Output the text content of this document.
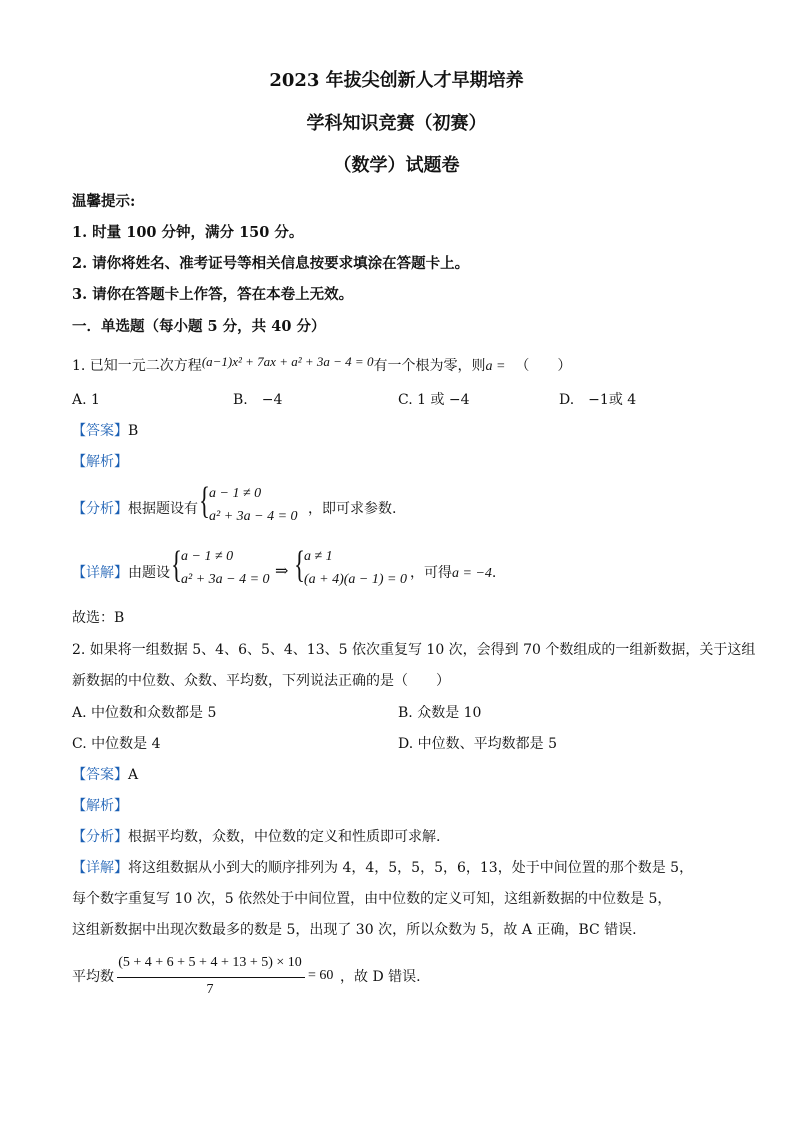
2023 年拔尖创新人才早期培养
学科知识竞赛（初赛）
（数学）试题卷
温馨提示:
1. 时量 100 分钟，满分 150 分。
2. 请你将姓名、准考证号等相关信息按要求填涂在答题卡上。
3. 请你在答题卡上作答，答在本卷上无效。
一．单选题（每小题 5 分，共 40 分）
1. 已知一元二次方程(a−1)x² + 7ax + a² + 3a − 4 = 0有一个根为零，则a = （　　）
A. 1	B.　−4	C. 1 或 −4	D.　−1或 4
【答案】B
【解析】
【分析】根据题设有 { a − 1 ≠ 0
a² + 3a − 4 = 0 ，即可求参数.
【详解】由题设 { a − 1 ≠ 0
a² + 3a − 4 = 0 ⇒ { a ≠ 1
(a + 4)(a − 1) = 0 ，可得a = −4.
故选：B
2. 如果将一组数据 5、4、6、5、4、13、5 依次重复写 10 次，会得到 70 个数组成的一组新数据，关于这组
新数据的中位数、众数、平均数，下列说法正确的是（　　）
A. 中位数和众数都是 5	B. 众数是 10
C. 中位数是 4	D. 中位数、平均数都是 5
【答案】A
【解析】
【分析】根据平均数，众数，中位数的定义和性质即可求解.
【详解】将这组数据从小到大的顺序排列为 4，4，5，5，5，6，13，处于中间位置的那个数是 5，
每个数字重复写 10 次，5 依然处于中间位置，由中位数的定义可知，这组新数据的中位数是 5，
这组新数据中出现次数最多的数是 5，出现了 30 次，所以众数为 5，故 A 正确，BC 错误.
平均数
(5 + 4 + 6 + 5 + 4 + 13 + 5) × 10
7
= 60 ，故 D 错误.
